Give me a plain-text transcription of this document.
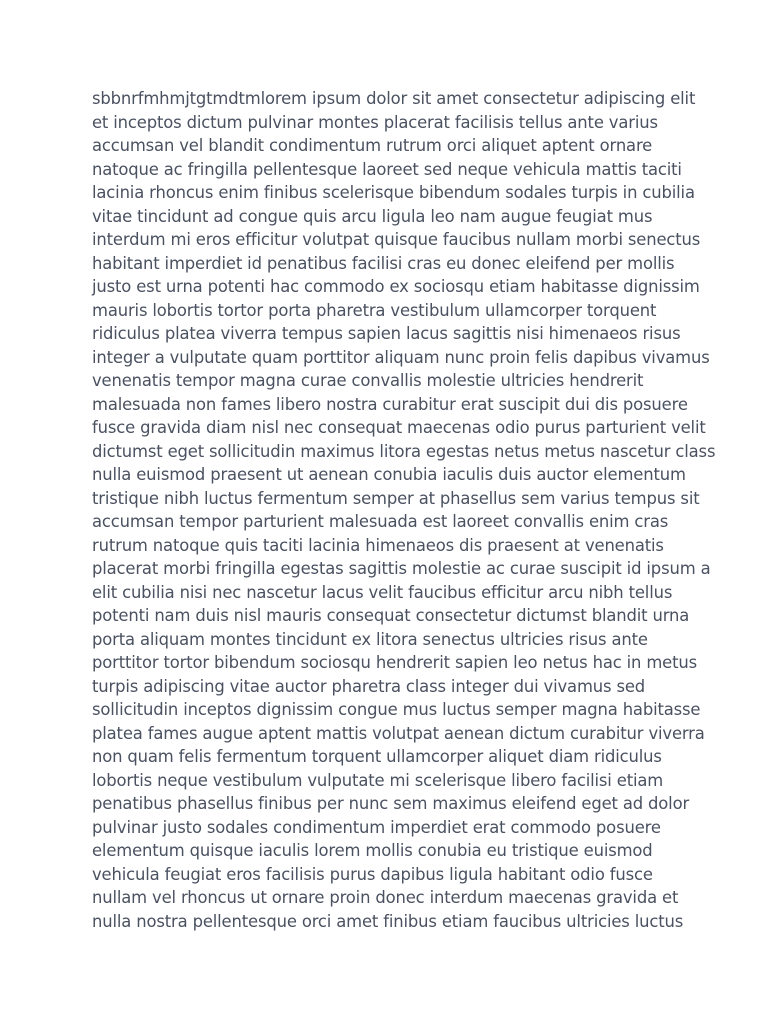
sbbnrfmhmjtgtmdtmlorem ipsum dolor sit amet consectetur adipiscing elit
et inceptos dictum pulvinar montes placerat facilisis tellus ante varius
accumsan vel blandit condimentum rutrum orci aliquet aptent ornare
natoque ac fringilla pellentesque laoreet sed neque vehicula mattis taciti
lacinia rhoncus enim finibus scelerisque bibendum sodales turpis in cubilia
vitae tincidunt ad congue quis arcu ligula leo nam augue feugiat mus
interdum mi eros efficitur volutpat quisque faucibus nullam morbi senectus
habitant imperdiet id penatibus facilisi cras eu donec eleifend per mollis
justo est urna potenti hac commodo ex sociosqu etiam habitasse dignissim
mauris lobortis tortor porta pharetra vestibulum ullamcorper torquent
ridiculus platea viverra tempus sapien lacus sagittis nisi himenaeos risus
integer a vulputate quam porttitor aliquam nunc proin felis dapibus vivamus
venenatis tempor magna curae convallis molestie ultricies hendrerit
malesuada non fames libero nostra curabitur erat suscipit dui dis posuere
fusce gravida diam nisl nec consequat maecenas odio purus parturient velit
dictumst eget sollicitudin maximus litora egestas netus metus nascetur class
nulla euismod praesent ut aenean conubia iaculis duis auctor elementum
tristique nibh luctus fermentum semper at phasellus sem varius tempus sit
accumsan tempor parturient malesuada est laoreet convallis enim cras
rutrum natoque quis taciti lacinia himenaeos dis praesent at venenatis
placerat morbi fringilla egestas sagittis molestie ac curae suscipit id ipsum a
elit cubilia nisi nec nascetur lacus velit faucibus efficitur arcu nibh tellus
potenti nam duis nisl mauris consequat consectetur dictumst blandit urna
porta aliquam montes tincidunt ex litora senectus ultricies risus ante
porttitor tortor bibendum sociosqu hendrerit sapien leo netus hac in metus
turpis adipiscing vitae auctor pharetra class integer dui vivamus sed
sollicitudin inceptos dignissim congue mus luctus semper magna habitasse
platea fames augue aptent mattis volutpat aenean dictum curabitur viverra
non quam felis fermentum torquent ullamcorper aliquet diam ridiculus
lobortis neque vestibulum vulputate mi scelerisque libero facilisi etiam
penatibus phasellus finibus per nunc sem maximus eleifend eget ad dolor
pulvinar justo sodales condimentum imperdiet erat commodo posuere
elementum quisque iaculis lorem mollis conubia eu tristique euismod
vehicula feugiat eros facilisis purus dapibus ligula habitant odio fusce
nullam vel rhoncus ut ornare proin donec interdum maecenas gravida et
nulla nostra pellentesque orci amet finibus etiam faucibus ultricies luctus
